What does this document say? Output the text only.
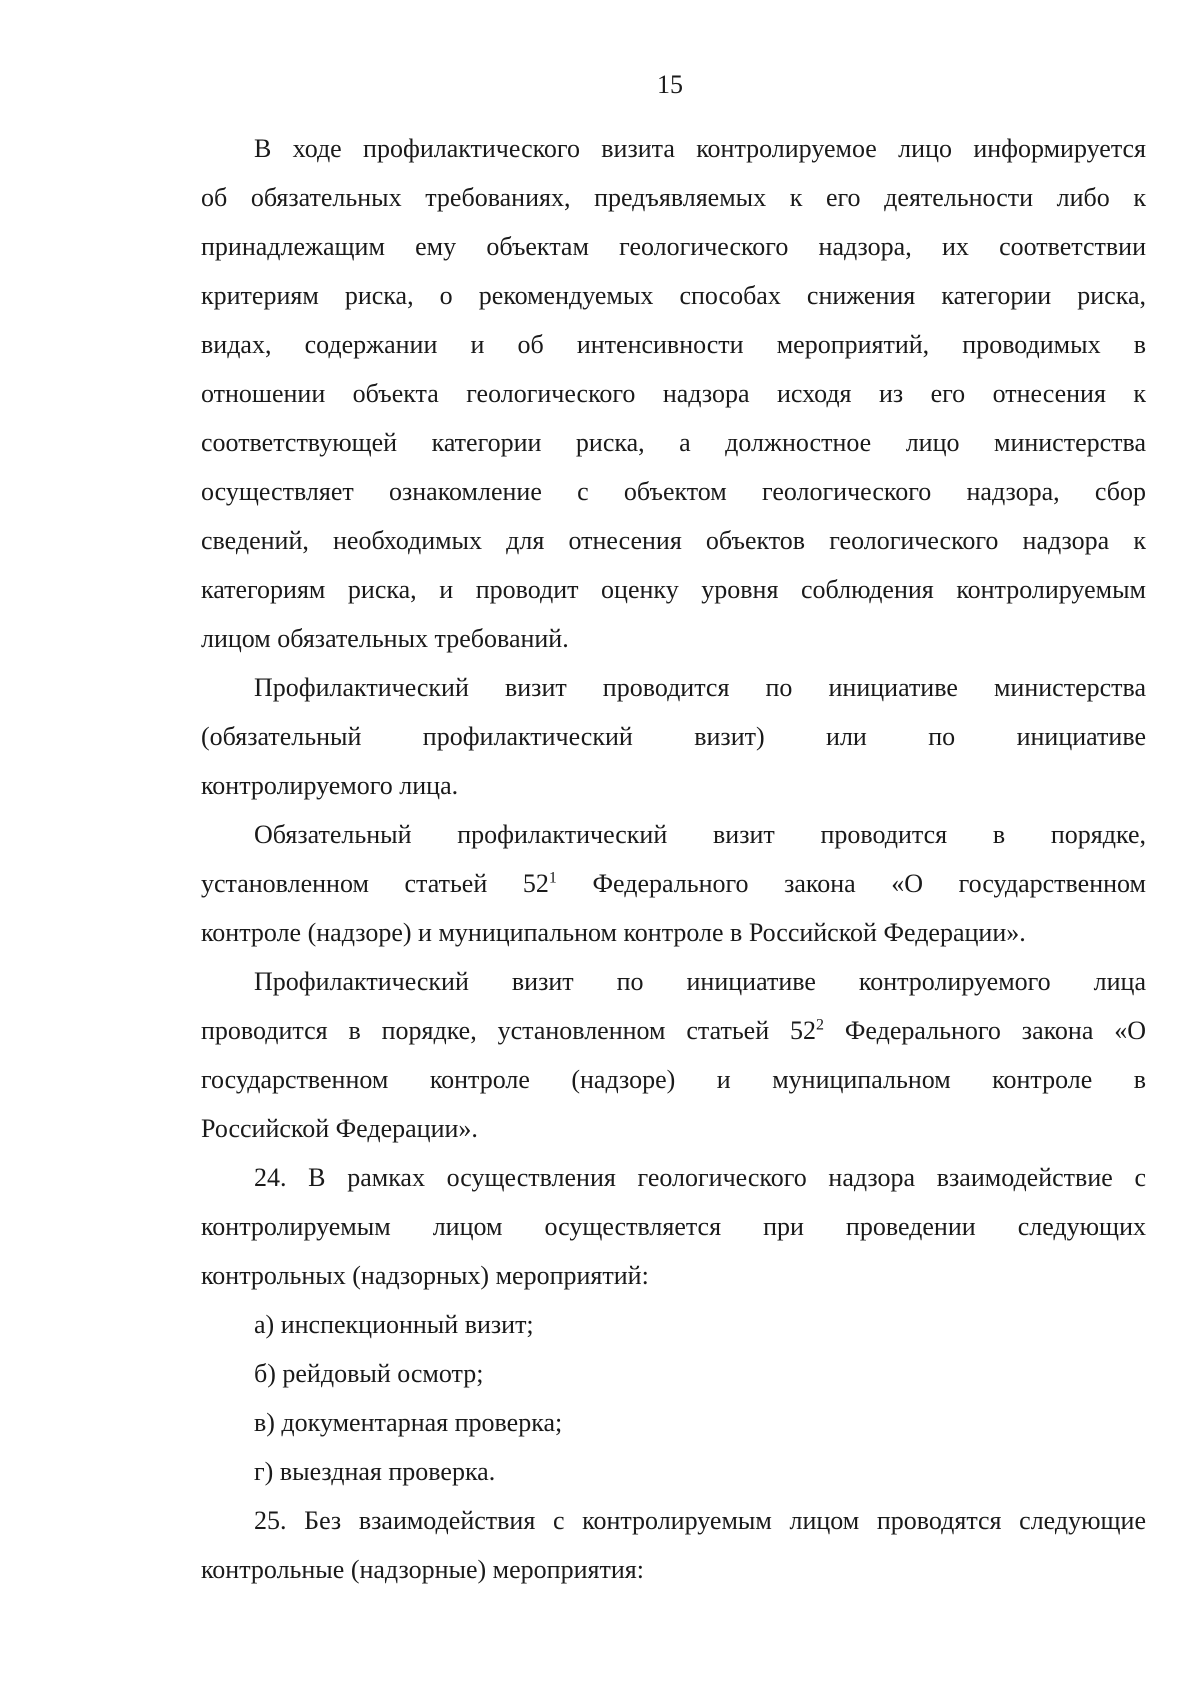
15
В ходе профилактического визита контролируемое лицо информируется
об обязательных требованиях, предъявляемых к его деятельности либо к
принадлежащим ему объектам геологического надзора, их соответствии
критериям риска, о рекомендуемых способах снижения категории риска,
видах, содержании и об интенсивности мероприятий, проводимых в
отношении объекта геологического надзора исходя из его отнесения к
соответствующей категории риска, а должностное лицо министерства
осуществляет ознакомление с объектом геологического надзора, сбор
сведений, необходимых для отнесения объектов геологического надзора к
категориям риска, и проводит оценку уровня соблюдения контролируемым
лицом обязательных требований.
Профилактический визит проводится по инициативе министерства
(обязательный профилактический визит) или по инициативе
контролируемого лица.
Обязательный профилактический визит проводится в порядке,
установленном статьей $52^1$ Федерального закона «О государственном
контроле (надзоре) и муниципальном контроле в Российской Федерации».
Профилактический визит по инициативе контролируемого лица
проводится в порядке, установленном статьей $52^2$ Федерального закона «О
государственном контроле (надзоре) и муниципальном контроле в
Российской Федерации».
24. В рамках осуществления геологического надзора взаимодействие с
контролируемым лицом осуществляется при проведении следующих
контрольных (надзорных) мероприятий:
а) инспекционный визит;
б) рейдовый осмотр;
в) документарная проверка;
г) выездная проверка.
25. Без взаимодействия с контролируемым лицом проводятся следующие
контрольные (надзорные) мероприятия:
